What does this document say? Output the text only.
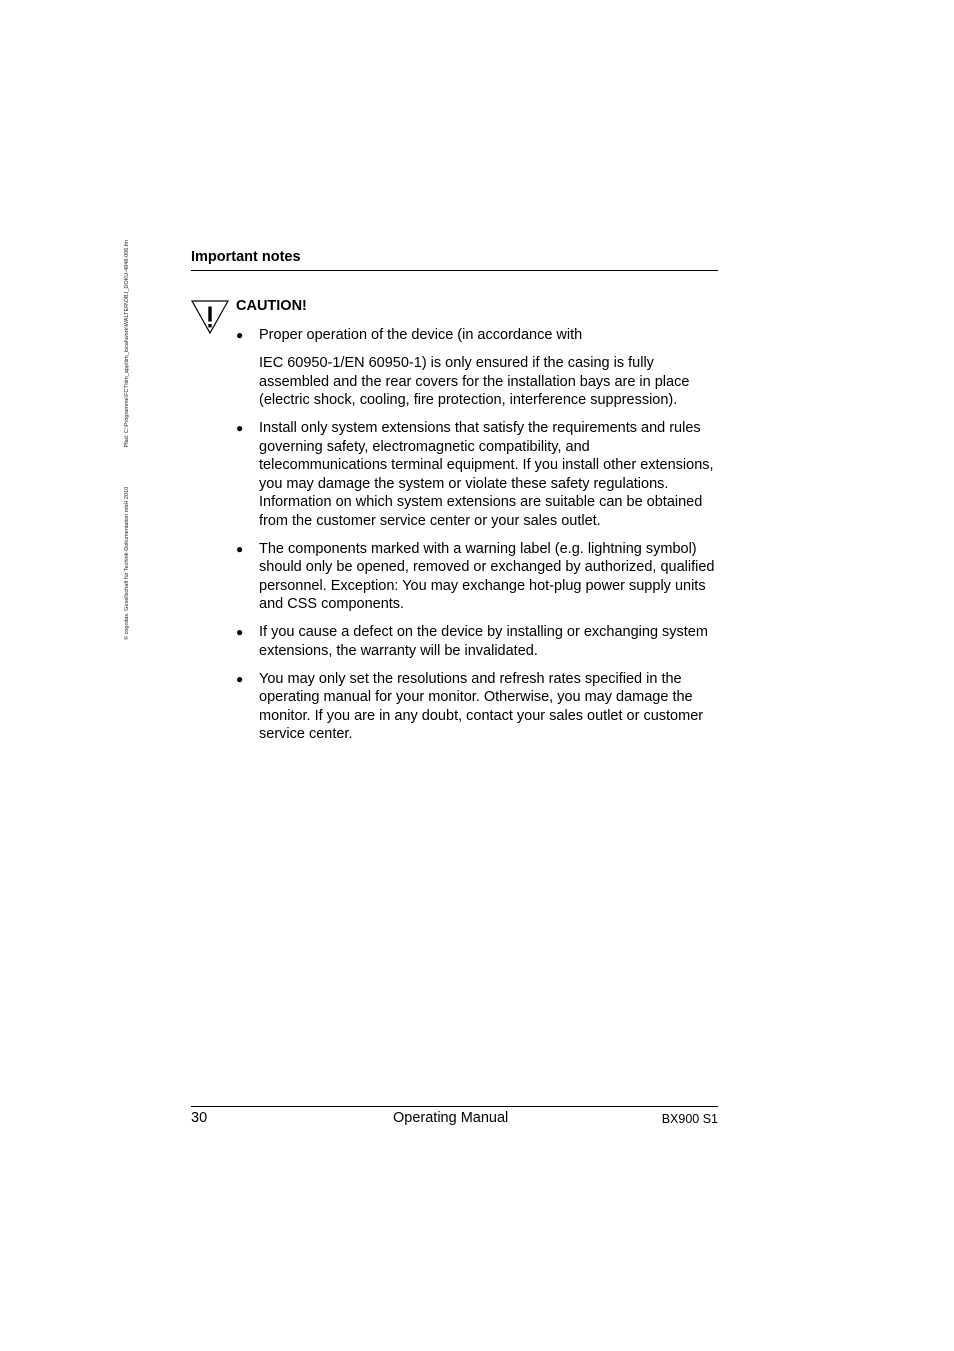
© cognitas. Gesellschaft für Technik-Dokumentation mbH 2010
Pfad: C:\Programme\FCT\tim_app\tim_local\work\WALTER\OBJ_DOKU-4848-006.fm	Important notes
CAUTION!
●	Proper operation of the device (in accordance with

IEC 60950-1/EN 60950-1) is only ensured if the casing is fully assembled and the rear covers for the installation bays are in place (electric shock, cooling, fire protection, interference suppression).

●	Install only system extensions that satisfy the requirements and rules governing safety, electromagnetic compatibility, and telecommunications terminal equipment. If you install other extensions, you may damage the system or violate these safety regulations. Information on which system extensions are suitable can be obtained from the customer service center or your sales outlet.

●	The components marked with a warning label (e.g. lightning symbol) should only be opened, removed or exchanged by authorized, qualified personnel. Exception: You may exchange hot-plug power supply units and CSS components.

●	If you cause a defect on the device by installing or exchanging system extensions, the warranty will be invalidated.

●	You may only set the resolutions and refresh rates specified in the operating manual for your monitor. Otherwise, you may damage the monitor. If you are in any doubt, contact your sales outlet or customer service center.

30	Operating Manual	BX900 S1
